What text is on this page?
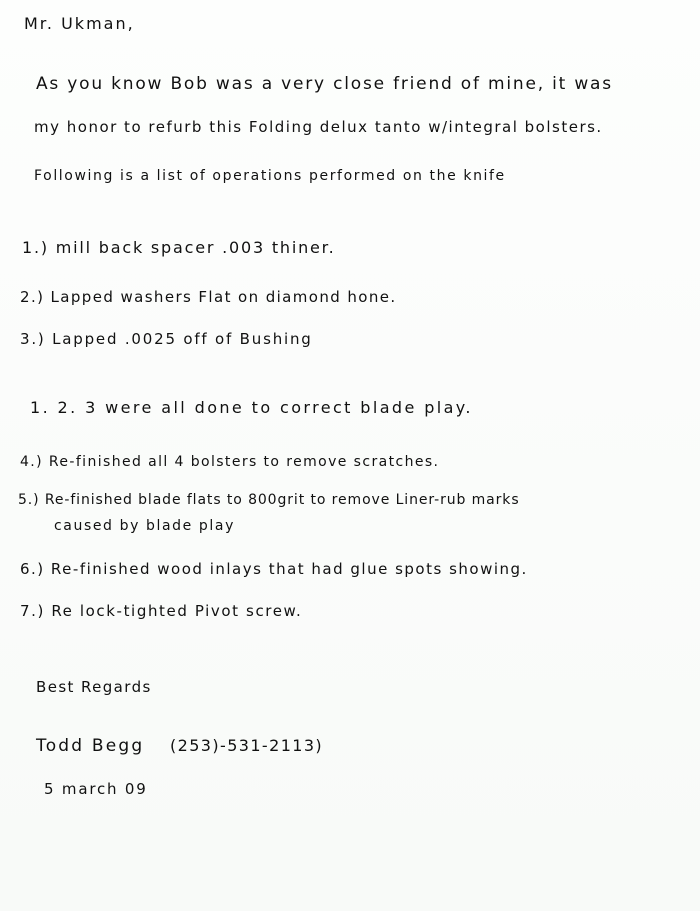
Mr. Ukman,

As you know Bob was a very close friend of mine, it was

my honor to refurb this Folding delux tanto w/integral bolsters.

Following is a list of operations performed on the knife

1.) mill back spacer .003 thiner.

2.) Lapped washers Flat on diamond hone.

3.) Lapped .0025 off of Bushing

1. 2. 3 were all done to correct blade play.

4.) Re-finished all 4 bolsters to remove scratches.

5.) Re-finished blade flats to 800grit to remove Liner-rub marks

caused by blade play

6.) Re-finished wood inlays that had glue spots showing.

7.) Re lock-tighted Pivot screw.

Best Regards

Todd Begg (253)-531-2113)

5 march 09
